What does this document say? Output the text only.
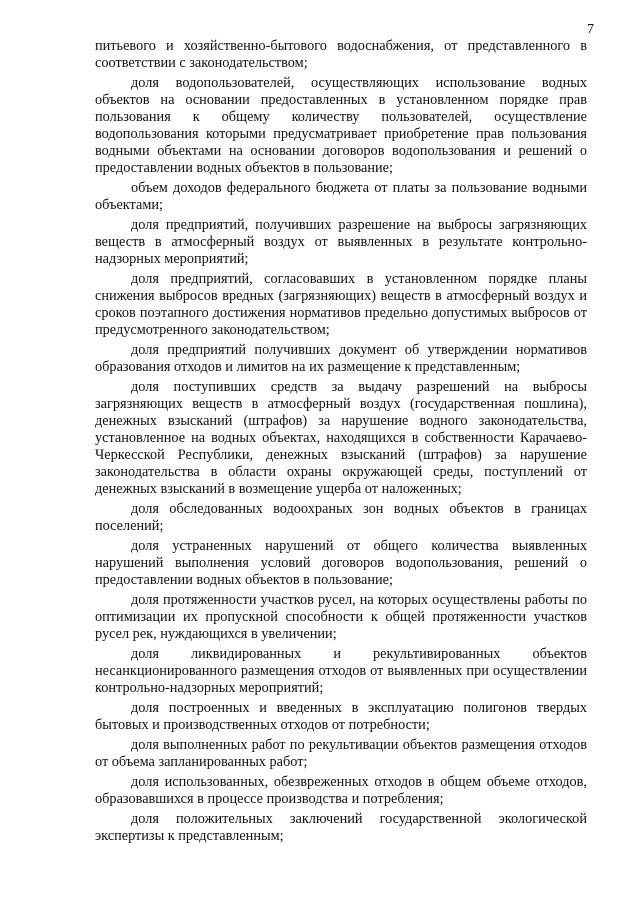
7

питьевого и хозяйственно-бытового водоснабжения, от представленного в соответствии с законодательством;

доля водопользователей, осуществляющих использование водных объектов на основании предоставленных в установленном порядке прав пользования к общему количеству пользователей, осуществление водопользования которыми предусматривает приобретение прав пользования водными объектами на основании договоров водопользования и решений о предоставлении водных объектов в пользование;

объем доходов федерального бюджета от платы за пользование водными объектами;

доля предприятий, получивших разрешение на выбросы загрязняющих веществ в атмосферный воздух от выявленных в результате контрольно-надзорных мероприятий;

доля предприятий, согласовавших в установленном порядке планы снижения выбросов вредных (загрязняющих) веществ в атмосферный воздух и сроков поэтапного достижения нормативов предельно допустимых выбросов от предусмотренного законодательством;

доля предприятий получивших документ об утверждении нормативов образования отходов и лимитов на их размещение к представленным;

доля поступивших средств за выдачу разрешений на выбросы загрязняющих веществ в атмосферный воздух (государственная пошлина), денежных взысканий (штрафов) за нарушение водного законодательства, установленное на водных объектах, находящихся в собственности Карачаево-Черкесской Республики, денежных взысканий (штрафов) за нарушение законодательства в области охраны окружающей среды, поступлений от денежных взысканий в возмещение ущерба от наложенных;

доля обследованных водоохраных зон водных объектов в границах поселений;

доля устраненных нарушений от общего количества выявленных нарушений выполнения условий договоров водопользования, решений о предоставлении водных объектов в пользование;

доля протяженности участков русел, на которых осуществлены работы по оптимизации их пропускной способности к общей протяженности участков русел рек, нуждающихся в увеличении;

доля ликвидированных и рекультивированных объектов несанкционированного размещения отходов от выявленных при осуществлении контрольно-надзорных мероприятий;

доля построенных и введенных в эксплуатацию полигонов твердых бытовых и производственных отходов от потребности;

доля выполненных работ по рекультивации объектов размещения отходов от объема запланированных работ;

доля использованных, обезвреженных отходов в общем объеме отходов, образовавшихся в процессе производства и потребления;

доля положительных заключений государственной экологической экспертизы к представленным;
